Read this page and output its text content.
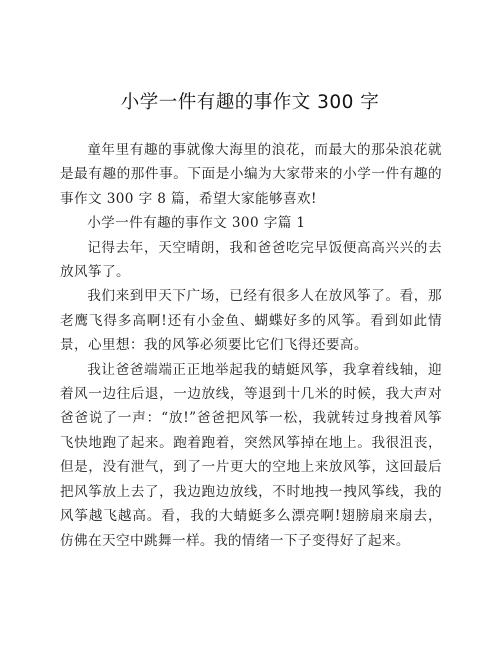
小学一件有趣的事作文 300 字

童年里有趣的事就像大海里的浪花，而最大的那朵浪花就是最有趣的那件事。下面是小编为大家带来的小学一件有趣的事作文 300 字 8 篇，希望大家能够喜欢!

小学一件有趣的事作文 300 字篇 1

记得去年，天空晴朗，我和爸爸吃完早饭便高高兴兴的去放风筝了。

我们来到甲天下广场，已经有很多人在放风筝了。看，那老鹰飞得多高啊!还有小金鱼、蝴蝶好多的风筝。看到如此情景，心里想：我的风筝必须要比它们飞得还要高。

我让爸爸端端正正地举起我的蜻蜓风筝，我拿着线轴，迎着风一边往后退，一边放线，等退到十几米的时候，我大声对爸爸说了一声：“放!”爸爸把风筝一松，我就转过身拽着风筝飞快地跑了起来。跑着跑着，突然风筝掉在地上。我很沮丧，但是，没有泄气，到了一片更大的空地上来放风筝，这回最后把风筝放上去了，我边跑边放线，不时地拽一拽风筝线，我的风筝越飞越高。看，我的大蜻蜓多么漂亮啊!翅膀扇来扇去，仿佛在天空中跳舞一样。我的情绪一下子变得好了起来。
